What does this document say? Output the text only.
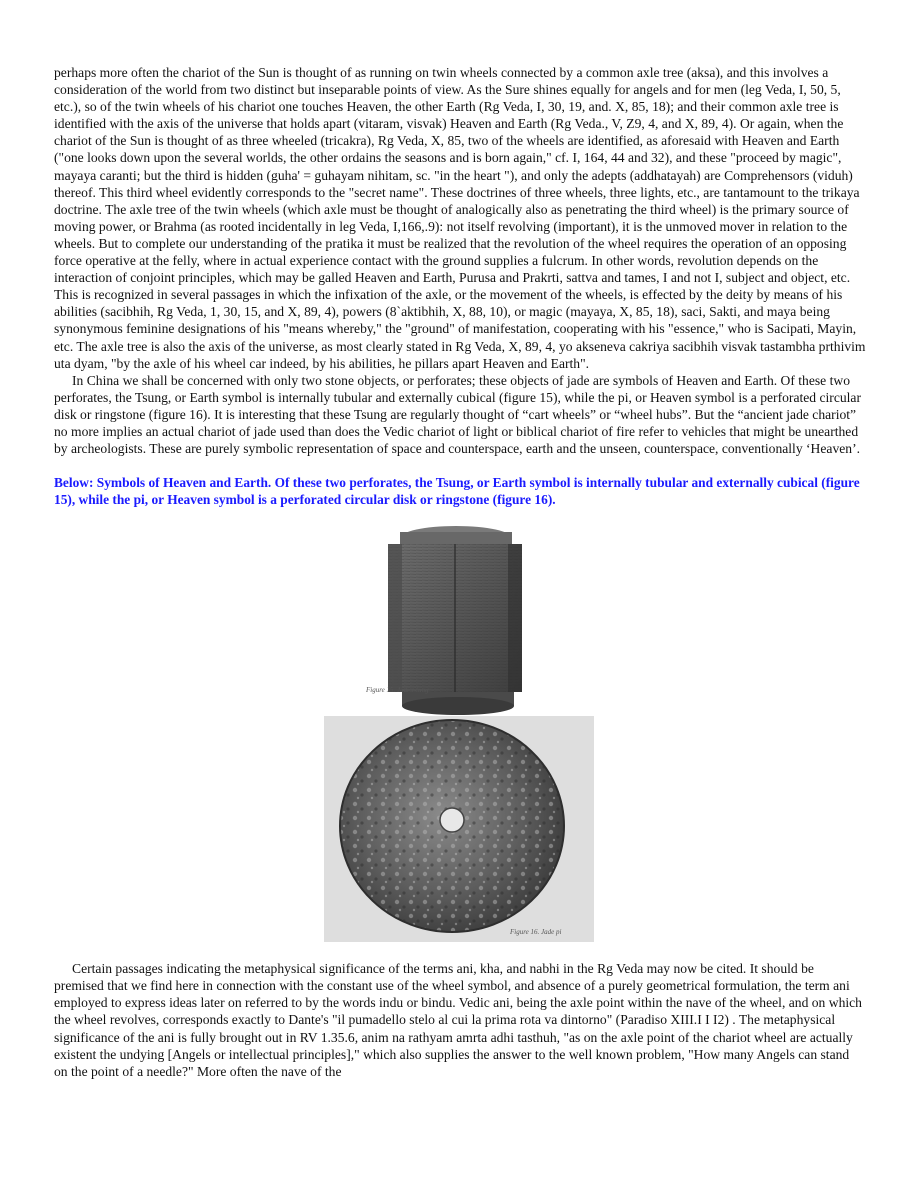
perhaps more often the chariot of the Sun is thought of as running on twin wheels connected by a common axle tree (aksa), and this involves a consideration of the world from two distinct but inseparable points of view. As the Sure shines equally for angels and for men (leg Veda, I, 50, 5, etc.), so of the twin wheels of his chariot one touches Heaven, the other Earth (Rg Veda, I, 30, 19, and. X, 85, 18); and their common axle tree is identified with the axis of the universe that holds apart (vitaram, visvak) Heaven and Earth (Rg Veda., V, Z9, 4, and X, 89, 4). Or again, when the chariot of the Sun is thought of as three wheeled (tricakra), Rg Veda, X, 85, two of the wheels are identified, as aforesaid with Heaven and Earth ("one looks down upon the several worlds, the other ordains the seasons and is born again," cf. I, 164, 44 and 32), and these "proceed by magic", mayaya caranti; but the third is hidden (guha' = guhayam nihitam, sc. "in the heart "), and only the adepts (addhatayah) are Comprehensors (viduh) thereof. This third wheel evidently corresponds to the "secret name". These doctrines of three wheels, three lights, etc., are tantamount to the trikaya doctrine. The axle tree of the twin wheels (which axle must be thought of analogically also as penetrating the third wheel) is the primary source of moving power, or Brahma (as rooted incidentally in leg Veda, I,166,.9): not itself revolving (important), it is the unmoved mover in relation to the wheels. But to complete our understanding of the pratika it must be realized that the revolution of the wheel requires the operation of an opposing force operative at the felly, where in actual experience contact with the ground supplies a fulcrum. In other words, revolution depends on the interaction of conjoint principles, which may be galled Heaven and Earth, Purusa and Prakrti, sattva and tames, I and not I, subject and object, etc. This is recognized in several passages in which the infixation of the axle, or the movement of the wheels, is effected by the deity by means of his abilities (sacibhih, Rg Veda, 1, 30, 15, and X, 89, 4), powers (8`aktibhih, X, 88, 10), or magic (mayaya, X, 85, 18), saci, Sakti, and maya being synonymous feminine designations of his "means whereby," the "ground" of manifestation, cooperating with his "essence," who is Sacipati, Mayin, etc. The axle tree is also the axis of the universe, as most clearly stated in Rg Veda, X, 89, 4, yo akseneva cakriya sacibhih visvak tastambha prthivim uta dyam, "by the axle of his wheel car indeed, by his abilities, he pillars apart Heaven and Earth".

In China we shall be concerned with only two stone objects, or perforates; these objects of jade are symbols of Heaven and Earth. Of these two perforates, the Tsung, or Earth symbol is internally tubular and externally cubical (figure 15), while the pi, or Heaven symbol is a perforated circular disk or ringstone (figure 16). It is interesting that these Tsung are regularly thought of “cart wheels” or “wheel hubs”. But the “ancient jade chariot” no more implies an actual chariot of jade used than does the Vedic chariot of light or biblical chariot of fire refer to vehicles that might be unearthed by archeologists. These are purely symbolic representation of space and counterspace, earth and the unseen, counterspace, conventionally ‘Heaven’.

Below: Symbols of Heaven and Earth. Of these two perforates, the Tsung, or Earth symbol is internally tubular and externally cubical (figure 15), while the pi, or Heaven symbol is a perforated circular disk or ringstone (figure 16).

Figure 15. Jade ts'ung
Figure 16. Jade pi

Certain passages indicating the metaphysical significance of the terms ani, kha, and nabhi in the Rg Veda may now be cited. It should be premised that we find here in connection with the constant use of the wheel symbol, and absence of a purely geometrical formulation, the term ani employed to express ideas later on referred to by the words indu or bindu. Vedic ani, being the axle point within the nave of the wheel, and on which the wheel revolves, corresponds exactly to Dante's "il pumadello stelo al cui la prima rota va dintorno" (Paradiso XIII.I I I2) . The metaphysical significance of the ani is fully brought out in RV 1.35.6, anim na rathyam amrta adhi tasthuh, "as on the axle point of the chariot wheel are actually existent the undying [Angels or intellectual principles]," which also supplies the answer to the well known problem, "How many Angels can stand on the point of a needle?" More often the nave of the
